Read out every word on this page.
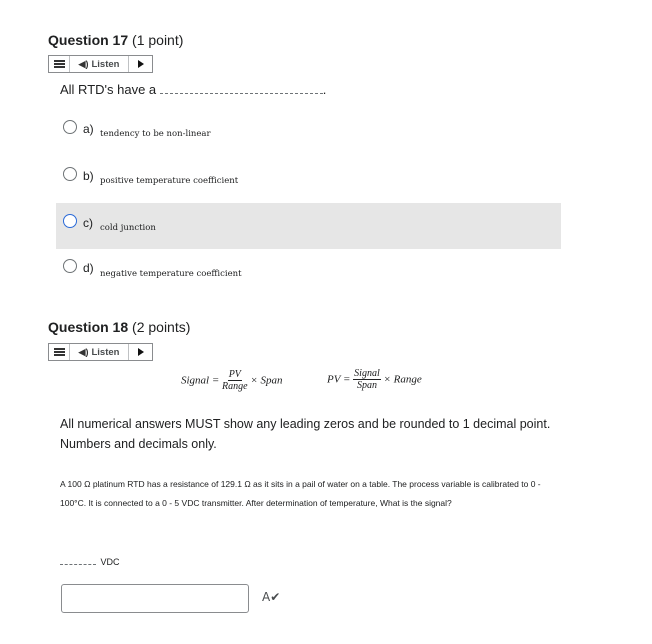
Question 17 (1 point)
◀) Listen
All RTD's have a	.
a) tendency to be non-linear
b) positive temperature coefficient
c) cold junction
d) negative temperature coefficient
Question 18 (2 points)
◀) Listen
Signal = $\frac{PV}{\text{Range}}$ × Span	PV = $\frac{\text{Signal}}{\text{Span}}$ × Range
All numerical answers MUST show any leading zeros and be rounded to 1 decimal point. Numbers and decimals only.
A 100 Ω platinum RTD has a resistance of 129.1 Ω as it sits in a pail of water on a table. The process variable is calibrated to 0 - 100°C. It is connected to a 0 - 5 VDC transmitter. After determination of temperature, What is the signal?
VDC
A✔
